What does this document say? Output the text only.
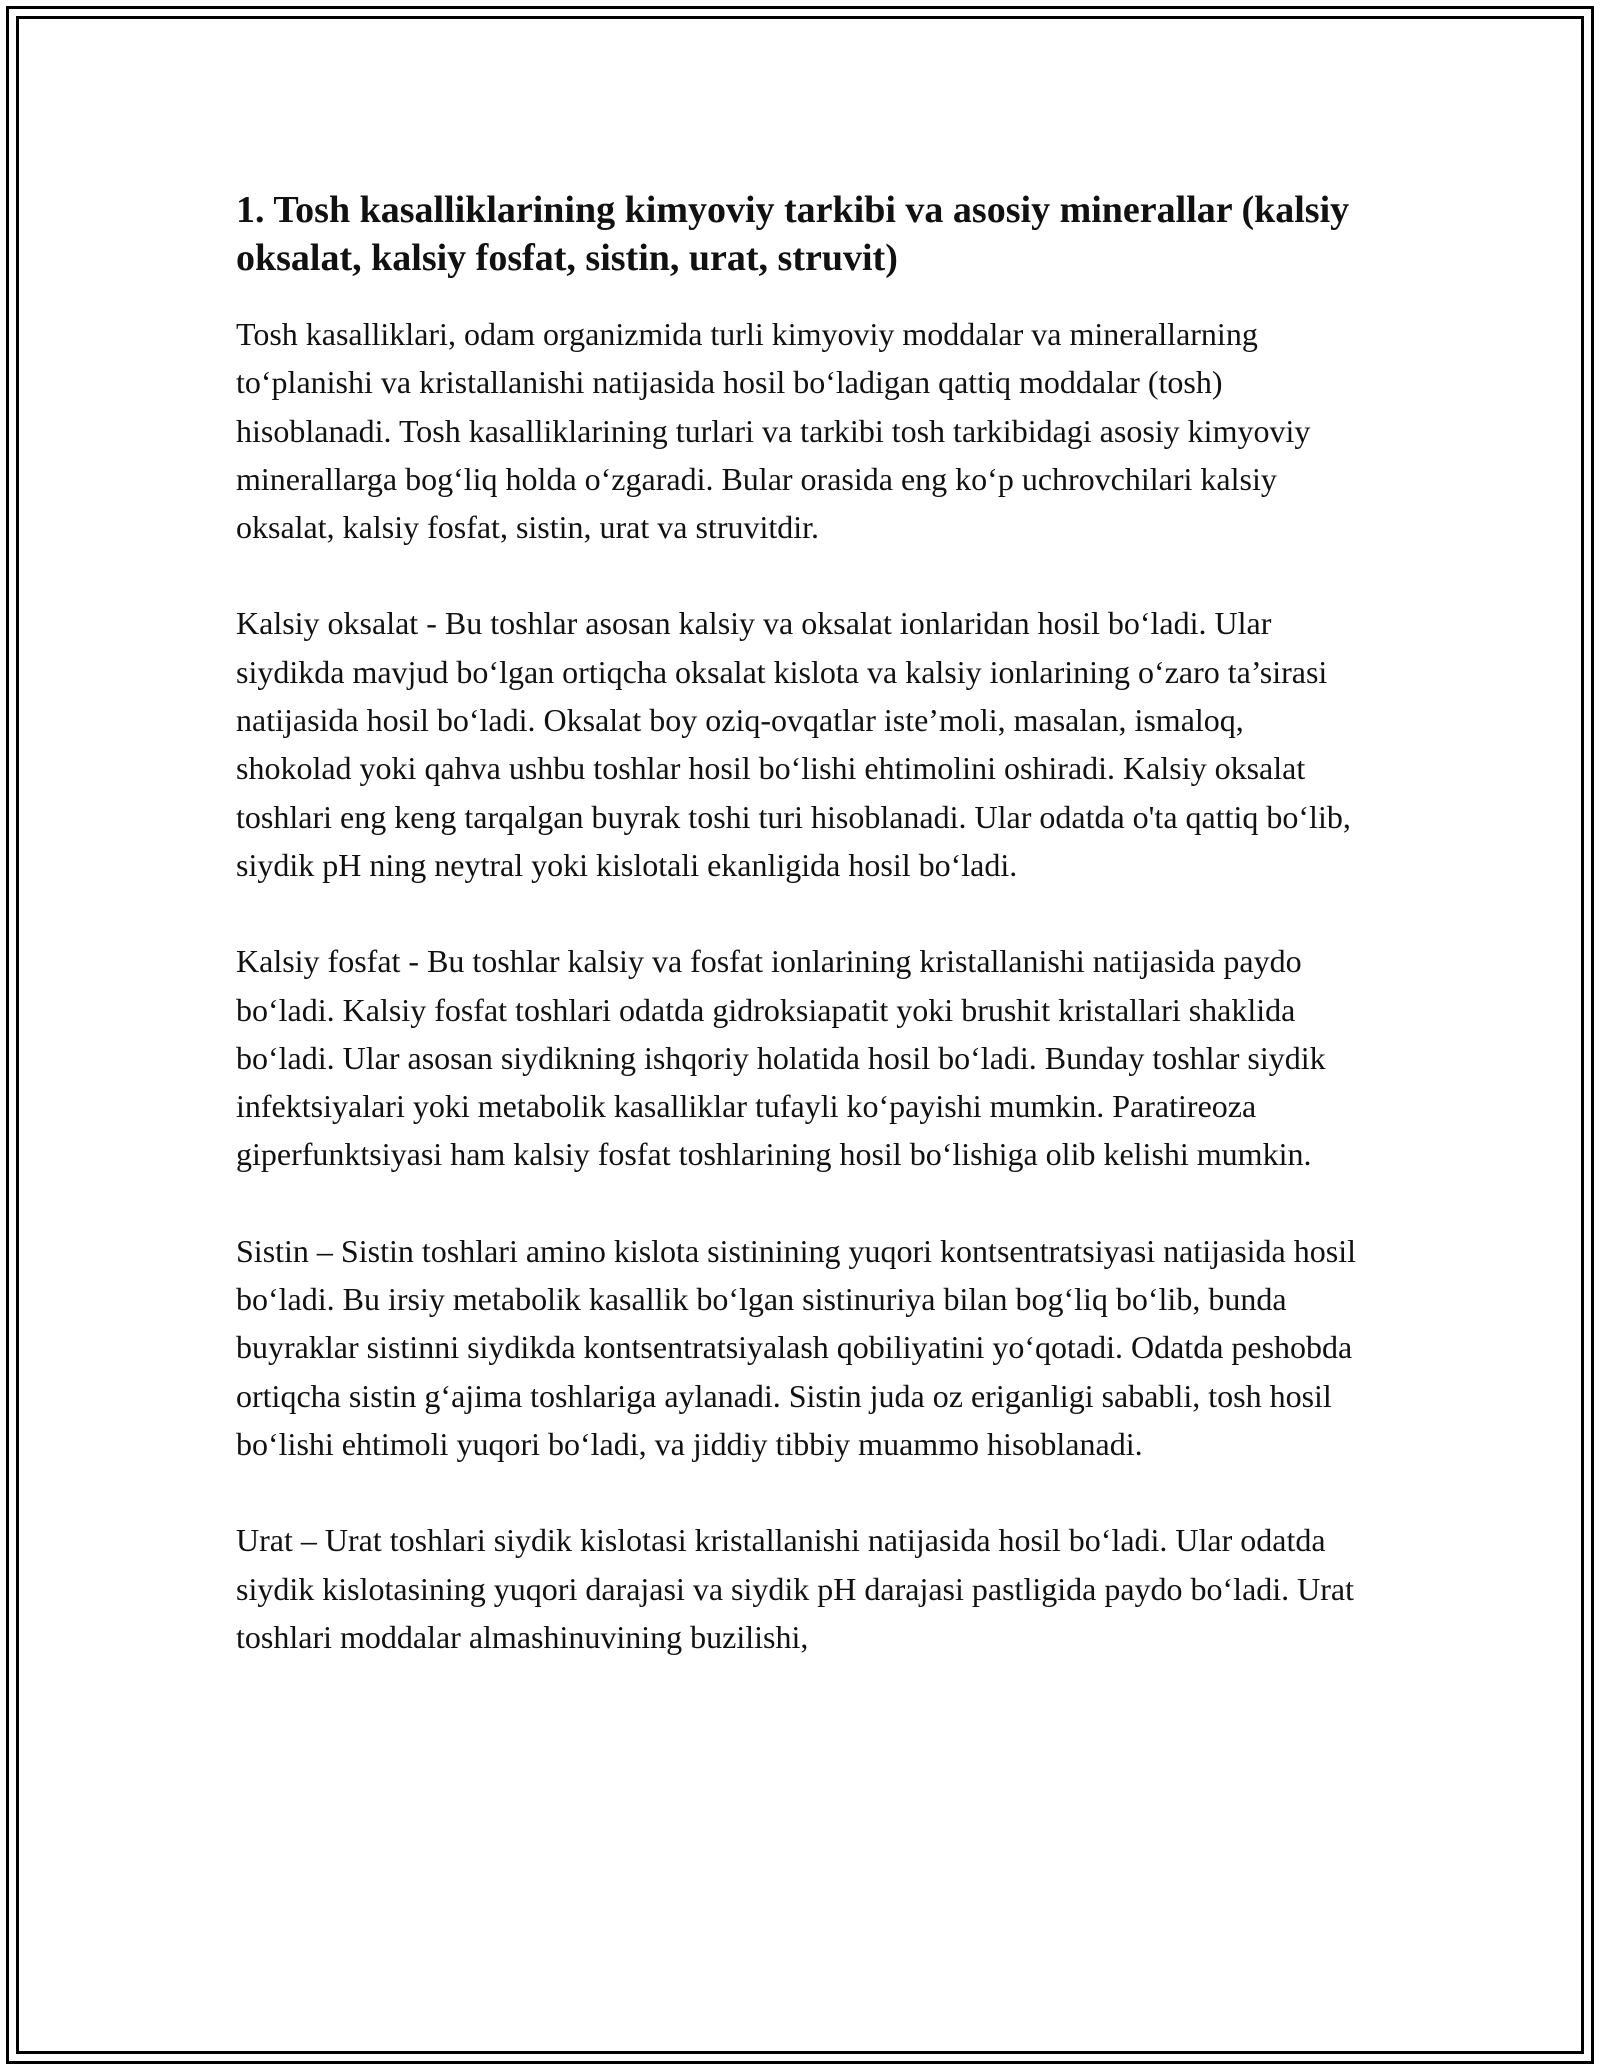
1. Tosh kasalliklarining kimyoviy tarkibi va asosiy minerallar (kalsiy oksalat, kalsiy fosfat, sistin, urat, struvit)

Tosh kasalliklari, odam organizmida turli kimyoviy moddalar va minerallarning to‘planishi va kristallanishi natijasida hosil bo‘ladigan qattiq moddalar (tosh) hisoblanadi. Tosh kasalliklarining turlari va tarkibi tosh tarkibidagi asosiy kimyoviy minerallarga bog‘liq holda o‘zgaradi. Bular orasida eng ko‘p uchrovchilari kalsiy oksalat, kalsiy fosfat, sistin, urat va struvitdir.

Kalsiy oksalat - Bu toshlar asosan kalsiy va oksalat ionlaridan hosil bo‘ladi. Ular siydikda mavjud bo‘lgan ortiqcha oksalat kislota va kalsiy ionlarining o‘zaro ta’sirasi natijasida hosil bo‘ladi. Oksalat boy oziq-ovqatlar iste’moli, masalan, ismaloq, shokolad yoki qahva ushbu toshlar hosil bo‘lishi ehtimolini oshiradi. Kalsiy oksalat toshlari eng keng tarqalgan buyrak toshi turi hisoblanadi. Ular odatda o'ta qattiq bo‘lib, siydik pH ning neytral yoki kislotali ekanligida hosil bo‘ladi.

Kalsiy fosfat - Bu toshlar kalsiy va fosfat ionlarining kristallanishi natijasida paydo bo‘ladi. Kalsiy fosfat toshlari odatda gidroksiapatit yoki brushit kristallari shaklida bo‘ladi. Ular asosan siydikning ishqoriy holatida hosil bo‘ladi. Bunday toshlar siydik infektsiyalari yoki metabolik kasalliklar tufayli ko‘payishi mumkin. Paratireoza giperfunktsiyasi ham kalsiy fosfat toshlarining hosil bo‘lishiga olib kelishi mumkin.

Sistin – Sistin toshlari amino kislota sistinining yuqori kontsentratsiyasi natijasida hosil bo‘ladi. Bu irsiy metabolik kasallik bo‘lgan sistinuriya bilan bog‘liq bo‘lib, bunda buyraklar sistinni siydikda kontsentratsiyalash qobiliyatini yo‘qotadi. Odatda peshobda ortiqcha sistin g‘ajima toshlariga aylanadi. Sistin juda oz eriganligi sababli, tosh hosil bo‘lishi ehtimoli yuqori bo‘ladi, va jiddiy tibbiy muammo hisoblanadi.

Urat – Urat toshlari siydik kislotasi kristallanishi natijasida hosil bo‘ladi. Ular odatda siydik kislotasining yuqori darajasi va siydik pH darajasi pastligida paydo bo‘ladi. Urat toshlari moddalar almashinuvining buzilishi,
